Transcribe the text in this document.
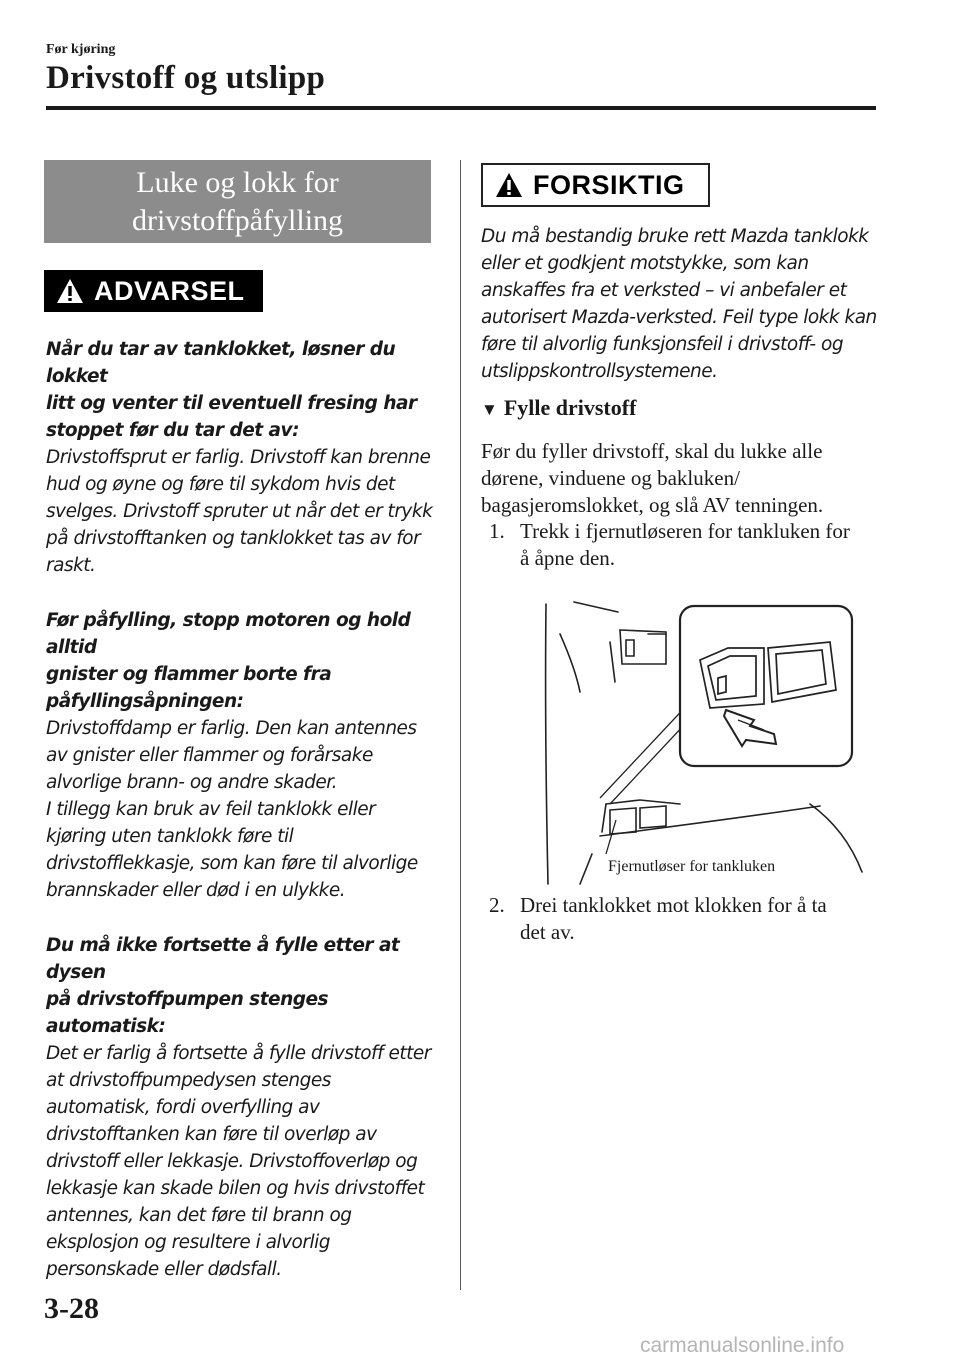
Før kjøring
Drivstoff og utslipp
Luke og lokk for
drivstoffpåfylling
ADVARSEL
Når du tar av tanklokket, løsner du lokket
litt og venter til eventuell fresing har
stoppet før du tar det av:
Drivstoffsprut er farlig. Drivstoff kan brenne
hud og øyne og føre til sykdom hvis det
svelges. Drivstoff spruter ut når det er trykk
på drivstofftanken og tanklokket tas av for
raskt.
Før påfylling, stopp motoren og hold alltid
gnister og flammer borte fra
påfyllingsåpningen:
Drivstoffdamp er farlig. Den kan antennes
av gnister eller flammer og forårsake
alvorlige brann- og andre skader.
I tillegg kan bruk av feil tanklokk eller
kjøring uten tanklokk føre til
drivstofflekkasje, som kan føre til alvorlige
brannskader eller død i en ulykke.
Du må ikke fortsette å fylle etter at dysen
på drivstoffpumpen stenges automatisk:
Det er farlig å fortsette å fylle drivstoff etter
at drivstoffpumpedysen stenges
automatisk, fordi overfylling av
drivstofftanken kan føre til overløp av
drivstoff eller lekkasje. Drivstoffoverløp og
lekkasje kan skade bilen og hvis drivstoffet
antennes, kan det føre til brann og
eksplosjon og resultere i alvorlig
personskade eller dødsfall.
FORSIKTIG
Du må bestandig bruke rett Mazda tanklokk eller et godkjent motstykke, som kan anskaffes fra et verksted – vi anbefaler et autorisert Mazda-verksted. Feil type lokk kan føre til alvorlig funksjonsfeil i drivstoff- og utslippskontrollsystemene.
▼ Fylle drivstoff
Før du fyller drivstoff, skal du lukke alle
dørene, vinduene og bakluken/
bagasjeromslokket, og slå AV tenningen.
1. Trekk i fjernutløseren for tankluken for
å åpne den.
Fjernutløser for tankluken
2. Drei tanklokket mot klokken for å ta
det av.
3-28
carmanualsonline.info
